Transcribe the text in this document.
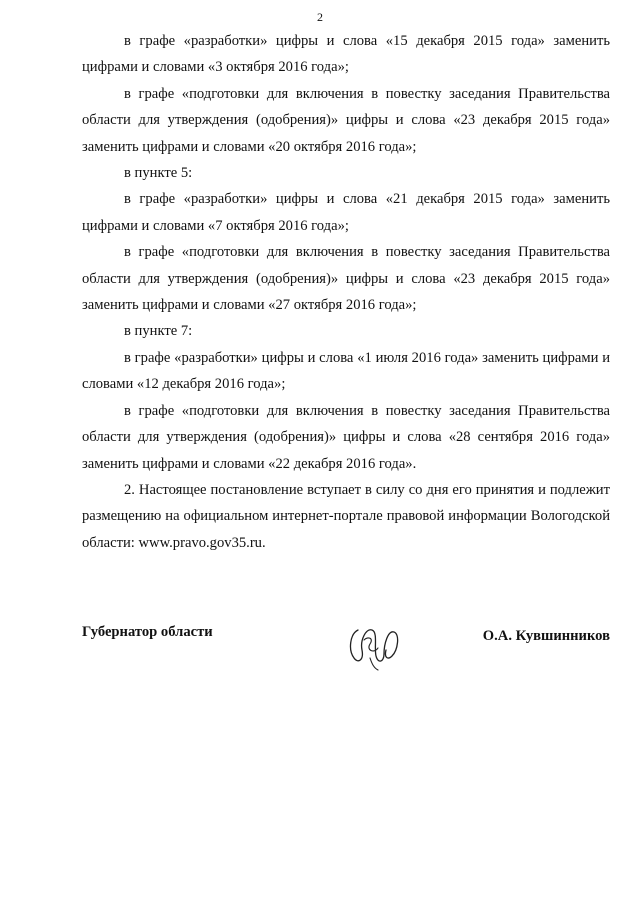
2

в графе «разработки» цифры и слова «15 декабря 2015 года» заменить цифрами и словами «3 октября 2016 года»;

в графе «подготовки для включения в повестку заседания Правительства области для утверждения (одобрения)» цифры и слова «23 декабря 2015 года» заменить цифрами и словами «20 октября 2016 года»;

в пункте 5:

в графе «разработки» цифры и слова «21 декабря 2015 года» заменить цифрами и словами «7 октября 2016 года»;

в графе «подготовки для включения в повестку заседания Правительства области для утверждения (одобрения)» цифры и слова «23 декабря 2015 года» заменить цифрами и словами «27 октября 2016 года»;

в пункте 7:

в графе «разработки» цифры и слова «1 июля 2016 года» заменить цифрами и словами «12 декабря 2016 года»;

в графе «подготовки для включения в повестку заседания Правительства области для утверждения (одобрения)» цифры и слова «28 сентября 2016 года» заменить цифрами и словами «22 декабря 2016 года».

2. Настоящее постановление вступает в силу со дня его принятия и подлежит размещению на официальном интернет-портале правовой информации Вологодской области: www.pravo.gov35.ru.

Губернатор области	О.А. Кувшинников
